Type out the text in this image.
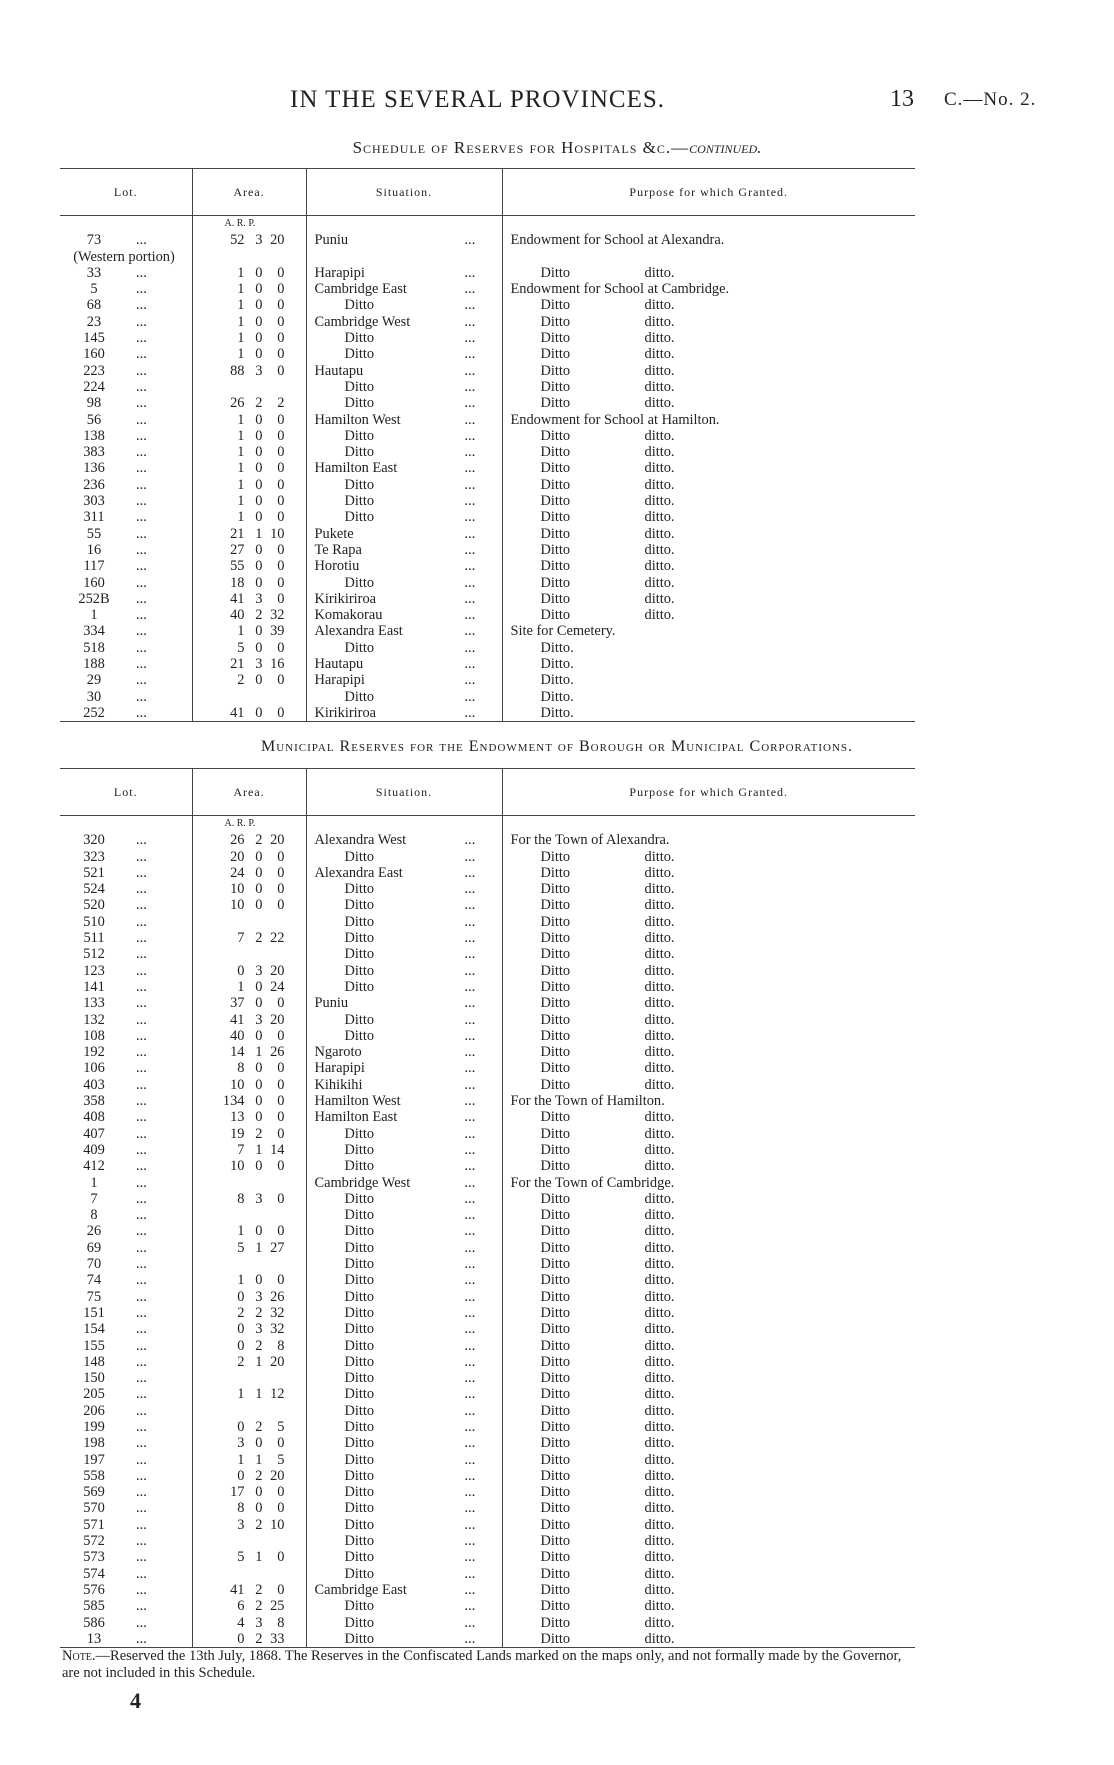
IN THE SEVERAL PROVINCES.	13 C.—No. 2.
Schedule of Reserves for Hospitals &c.—continued.
Lot.	Area.	Situation.	Purpose for which Granted.

A. R. P.		

73 ...	52 3 20	Puniu ...	Endowment for School at Alexandra.

(Western portion)			

33 ...	1 0 0	Harapipi ...	Ditto ditto.

5 ...	1 0 0	Cambridge East ...	Endowment for School at Cambridge.

68 ...	1 0 0	Ditto ...	Ditto ditto.

23 ...	1 0 0	Cambridge West ...	Ditto ditto.

145 ...	1 0 0	Ditto ...	Ditto ditto.

160 ...	1 0 0	Ditto ...	Ditto ditto.

223 ...	88 3 0	Hautapu ...	Ditto ditto.

224 ...		Ditto ...	Ditto ditto.

98 ...	26 2 2	Ditto ...	Ditto ditto.

56 ...	1 0 0	Hamilton West ...	Endowment for School at Hamilton.

138 ...	1 0 0	Ditto ...	Ditto ditto.

383 ...	1 0 0	Ditto ...	Ditto ditto.

136 ...	1 0 0	Hamilton East ...	Ditto ditto.

236 ...	1 0 0	Ditto ...	Ditto ditto.

303 ...	1 0 0	Ditto ...	Ditto ditto.

311 ...	1 0 0	Ditto ...	Ditto ditto.

55 ...	21 1 10	Pukete ...	Ditto ditto.

16 ...	27 0 0	Te Rapa ...	Ditto ditto.

117 ...	55 0 0	Horotiu ...	Ditto ditto.

160 ...	18 0 0	Ditto ...	Ditto ditto.

252B ...	41 3 0	Kirikiriroa ...	Ditto ditto.

1 ...	40 2 32	Komakorau ...	Ditto ditto.

334 ...	1 0 39	Alexandra East ...	Site for Cemetery.

518 ...	5 0 0	Ditto ...	Ditto.

188 ...	21 3 16	Hautapu ...	Ditto.

29 ...	2 0 0	Harapipi ...	Ditto.

30 ...		Ditto ...	Ditto.

252 ...	41 0 0	Kirikiriroa ...	Ditto.
Municipal Reserves for the Endowment of Borough or Municipal Corporations.
Lot.	Area.	Situation.	Purpose for which Granted.

A. R. P.		

320 ...	26 2 20	Alexandra West ...	For the Town of Alexandra.

323 ...	20 0 0	Ditto ...	Ditto ditto.

521 ...	24 0 0	Alexandra East ...	Ditto ditto.

524 ...	10 0 0	Ditto ...	Ditto ditto.

520 ...	10 0 0	Ditto ...	Ditto ditto.

510 ...		Ditto ...	Ditto ditto.

511 ...	7 2 22	Ditto ...	Ditto ditto.

512 ...		Ditto ...	Ditto ditto.

123 ...	0 3 20	Ditto ...	Ditto ditto.

141 ...	1 0 24	Ditto ...	Ditto ditto.

133 ...	37 0 0	Puniu ...	Ditto ditto.

132 ...	41 3 20	Ditto ...	Ditto ditto.

108 ...	40 0 0	Ditto ...	Ditto ditto.

192 ...	14 1 26	Ngaroto ...	Ditto ditto.

106 ...	8 0 0	Harapipi ...	Ditto ditto.

403 ...	10 0 0	Kihikihi ...	Ditto ditto.

358 ...	134 0 0	Hamilton West ...	For the Town of Hamilton.

408 ...	13 0 0	Hamilton East ...	Ditto ditto.

407 ...	19 2 0	Ditto ...	Ditto ditto.

409 ...	7 1 14	Ditto ...	Ditto ditto.

412 ...	10 0 0	Ditto ...	Ditto ditto.

1 ...		Cambridge West ...	For the Town of Cambridge.

7 ...	8 3 0	Ditto ...	Ditto ditto.

8 ...		Ditto ...	Ditto ditto.

26 ...	1 0 0	Ditto ...	Ditto ditto.

69 ...	5 1 27	Ditto ...	Ditto ditto.

70 ...		Ditto ...	Ditto ditto.

74 ...	1 0 0	Ditto ...	Ditto ditto.

75 ...	0 3 26	Ditto ...	Ditto ditto.

151 ...	2 2 32	Ditto ...	Ditto ditto.

154 ...	0 3 32	Ditto ...	Ditto ditto.

155 ...	0 2 8	Ditto ...	Ditto ditto.

148 ...	2 1 20	Ditto ...	Ditto ditto.

150 ...		Ditto ...	Ditto ditto.

205 ...	1 1 12	Ditto ...	Ditto ditto.

206 ...		Ditto ...	Ditto ditto.

199 ...	0 2 5	Ditto ...	Ditto ditto.

198 ...	3 0 0	Ditto ...	Ditto ditto.

197 ...	1 1 5	Ditto ...	Ditto ditto.

558 ...	0 2 20	Ditto ...	Ditto ditto.

569 ...	17 0 0	Ditto ...	Ditto ditto.

570 ...	8 0 0	Ditto ...	Ditto ditto.

571 ...	3 2 10	Ditto ...	Ditto ditto.

572 ...		Ditto ...	Ditto ditto.

573 ...	5 1 0	Ditto ...	Ditto ditto.

574 ...		Ditto ...	Ditto ditto.

576 ...	41 2 0	Cambridge East ...	Ditto ditto.

585 ...	6 2 25	Ditto ...	Ditto ditto.

586 ...	4 3 8	Ditto ...	Ditto ditto.

13 ...	0 2 33	Ditto ...	Ditto ditto.
Note.—Reserved the 13th July, 1868. The Reserves in the Confiscated Lands marked on the maps only, and not formally made by the Governor, are not included in this Schedule.
4
